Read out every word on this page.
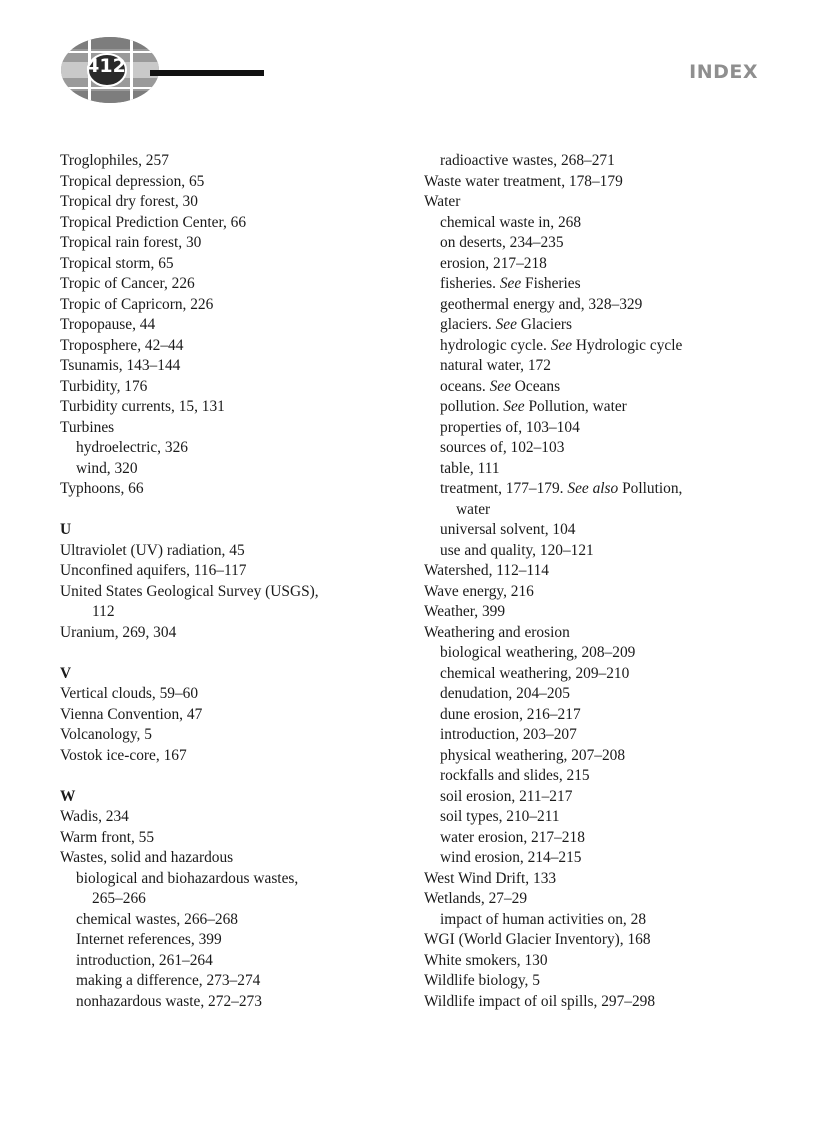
412	INDEX
Troglophiles, 257
Tropical depression, 65
Tropical dry forest, 30
Tropical Prediction Center, 66
Tropical rain forest, 30
Tropical storm, 65
Tropic of Cancer, 226
Tropic of Capricorn, 226
Tropopause, 44
Troposphere, 42–44
Tsunamis, 143–144
Turbidity, 176
Turbidity currents, 15, 131
Turbines
hydroelectric, 326
wind, 320
Typhoons, 66
U
Ultraviolet (UV) radiation, 45
Unconfined aquifers, 116–117
United States Geological Survey (USGS),
112
Uranium, 269, 304
V
Vertical clouds, 59–60
Vienna Convention, 47
Volcanology, 5
Vostok ice-core, 167
W
Wadis, 234
Warm front, 55
Wastes, solid and hazardous
biological and biohazardous wastes,
265–266
chemical wastes, 266–268
Internet references, 399
introduction, 261–264
making a difference, 273–274
nonhazardous waste, 272–273
radioactive wastes, 268–271
Waste water treatment, 178–179
Water
chemical waste in, 268
on deserts, 234–235
erosion, 217–218
fisheries. See Fisheries
geothermal energy and, 328–329
glaciers. See Glaciers
hydrologic cycle. See Hydrologic cycle
natural water, 172
oceans. See Oceans
pollution. See Pollution, water
properties of, 103–104
sources of, 102–103
table, 111
treatment, 177–179. See also Pollution,
water
universal solvent, 104
use and quality, 120–121
Watershed, 112–114
Wave energy, 216
Weather, 399
Weathering and erosion
biological weathering, 208–209
chemical weathering, 209–210
denudation, 204–205
dune erosion, 216–217
introduction, 203–207
physical weathering, 207–208
rockfalls and slides, 215
soil erosion, 211–217
soil types, 210–211
water erosion, 217–218
wind erosion, 214–215
West Wind Drift, 133
Wetlands, 27–29
impact of human activities on, 28
WGI (World Glacier Inventory), 168
White smokers, 130
Wildlife biology, 5
Wildlife impact of oil spills, 297–298
